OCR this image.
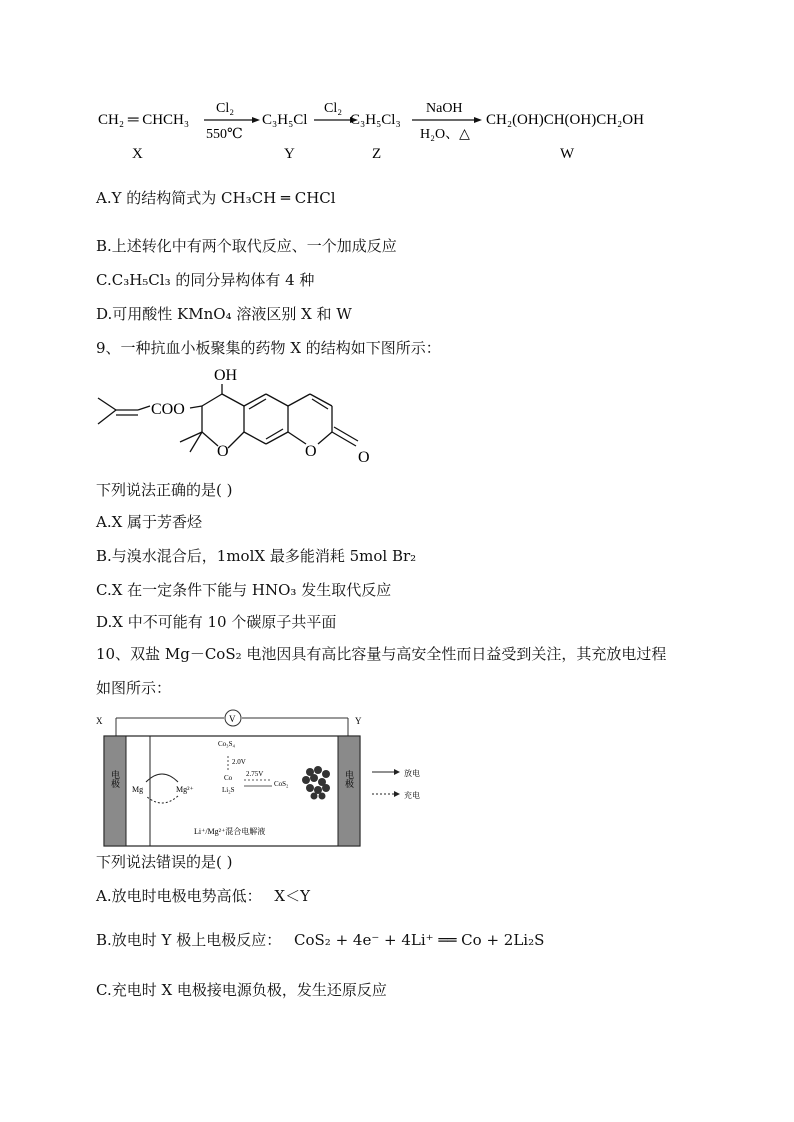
CH₂ ═ CHCH₃
X
Cl₂
550℃
C₃H₅Cl
Y
Cl₂
C₃H₅Cl₃
Z
NaOH
H₂O、△
CH₂(OH)CH(OH)CH₂OH
W
A.Y 的结构简式为 CH₃CH ═ CHCl
B.上述转化中有两个取代反应、一个加成反应
C.C₃H₅Cl₃ 的同分异构体有 4 种
D.可用酸性 KMnO₄ 溶液区别 X 和 W
9、一种抗血小板聚集的药物 X 的结构如下图所示：
OH
COO
O	O	O
下列说法正确的是( )
A.X 属于芳香烃
B.与溴水混合后，1molX 最多能消耗 5mol Br₂
C.X 在一定条件下能与 HNO₃ 发生取代反应
D.X 中不可能有 10 个碳原子共平面
10、双盐 Mg－CoS₂ 电池因具有高比容量与高安全性而日益受到关注，其充放电过程
如图所示：
V
X	Y
电极	电极
Mg	Mg²⁺
Co₃S₄
2.0V
Co 2.75V
Li₂S
CoS₂
Li⁺/Mg²⁺混合电解液
放电
充电
下列说法错误的是( )
A.放电时电极电势高低： X＜Y
B.放电时 Y 极上电极反应： CoS₂ + 4e⁻ + 4Li⁺ ══ Co + 2Li₂S
C.充电时 X 电极接电源负极，发生还原反应
